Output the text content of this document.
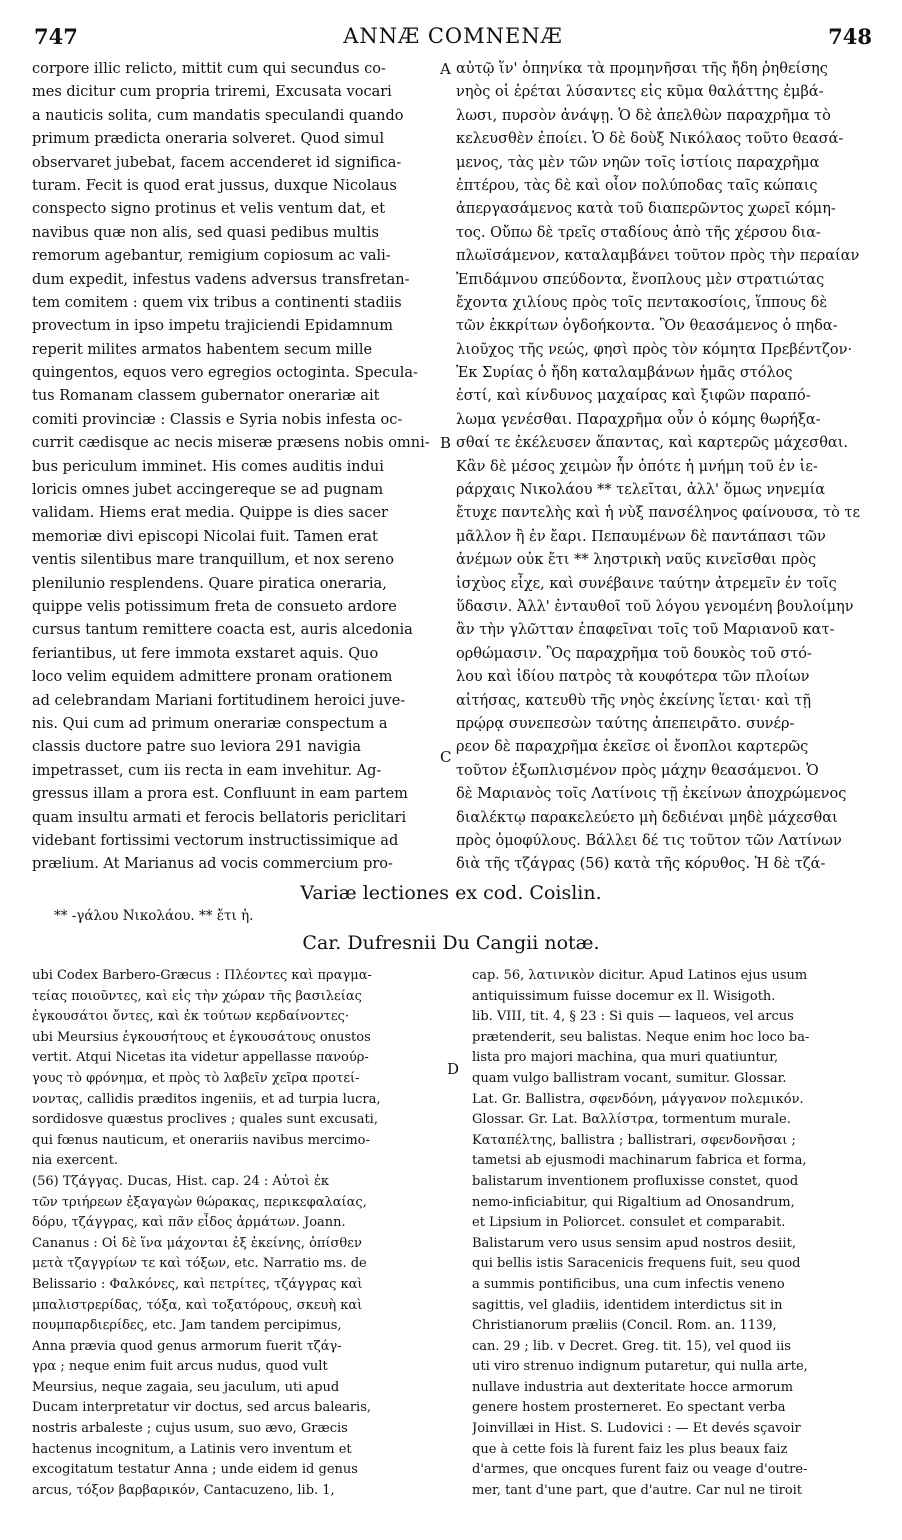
747	ANNÆ COMNENÆ	748
corpore illic relicto, mittit cum qui secundus co-
mes dicitur cum propria triremi, Excusata vocari
a nauticis solita, cum mandatis speculandi quando
primum prædicta oneraria solveret. Quod simul
observaret jubebat, facem accenderet id significa-
turam. Fecit is quod erat jussus, duxque Nicolaus
conspecto signo protinus et velis ventum dat, et
navibus quæ non alis, sed quasi pedibus multis
remorum agebantur, remigium copiosum ac vali-
dum expedit, infestus vadens adversus transfretan-
tem comitem : quem vix tribus a continenti stadiis
provectum in ipso impetu trajiciendi Epidamnum
reperit milites armatos habentem secum mille
quingentos, equos vero egregios octoginta. Specula-
tus Romanam classem gubernator onerariæ ait
comiti provinciæ : Classis e Syria nobis infesta oc-
currit cædisque ac necis miseræ præsens nobis omni-
bus periculum imminet. His comes auditis indui
loricis omnes jubet accingereque se ad pugnam
validam. Hiems erat media. Quippe is dies sacer
memoriæ divi episcopi Nicolai fuit. Tamen erat
ventis silentibus mare tranquillum, et nox sereno
plenilunio resplendens. Quare piratica oneraria,
quippe velis potissimum freta de consueto ardore
cursus tantum remittere coacta est, auris alcedonia
feriantibus, ut fere immota exstaret aquis. Quo
loco velim equidem admittere pronam orationem
ad celebrandam Mariani fortitudinem heroici juve-
nis. Qui cum ad primum onerariæ conspectum a
classis ductore patre suo leviora 291 navigia
impetrasset, cum iis recta in eam invehitur. Ag-
gressus illam a prora est. Confluunt in eam partem
quam insultu armati et ferocis bellatoris periclitari
videbant fortissimi vectorum instructissimique ad
prælium. At Marianus ad vocis commercium pro-
αὐτῷ ἵν' ὁπηνίκα τὰ προμηνῆσαι τῆς ἤδη ῥηθείσης
νηὸς οἱ ἐρέται λύσαντες εἰς κῦμα θαλάττης ἐμβά-
λωσι, πυρσὸν ἀνάψῃ. Ὁ δὲ ἀπελθὼν παραχρῆμα τὸ
κελευσθὲν ἐποίει. Ὁ δὲ δοὺξ Νικόλαος τοῦτο θεασά-
μενος, τὰς μὲν τῶν νηῶν τοῖς ἱστίοις παραχρῆμα
ἐπτέρου, τὰς δὲ καὶ οἷον πολύποδας ταῖς κώπαις
ἀπεργασάμενος κατὰ τοῦ διαπερῶντος χωρεῖ κόμη-
τος. Οὔπω δὲ τρεῖς σταδίους ἀπὸ τῆς χέρσου δια-
πλωϊσάμενον, καταλαμβάνει τοῦτον πρὸς τὴν περαίαν
Ἐπιδάμνου σπεύδοντα, ἔνοπλους μὲν στρατιώτας
ἔχοντα χιλίους πρὸς τοῖς πεντακοσίοις, ἵππους δὲ
τῶν ἐκκρίτων ὀγδοήκοντα. Ὃν θεασάμενος ὁ πηδα-
λιοῦχος τῆς νεώς, φησὶ πρὸς τὸν κόμητα Πρεβέντζον·
Ἐκ Συρίας ὁ ἤδη καταλαμβάνων ἡμᾶς στόλος
ἐστί, καὶ κίνδυνος μαχαίρας καὶ ξιφῶν παραπό-
λωμα γενέσθαι. Παραχρῆμα οὖν ὁ κόμης θωρήξα-
σθαί τε ἐκέλευσεν ἅπαντας, καὶ καρτερῶς μάχεσθαι.
Κἂν δὲ μέσος χειμὼν ἦν ὁπότε ἡ μνήμη τοῦ ἐν ἱε-
ράρχαις Νικολάου ** τελεῖται, ἀλλ' ὅμως νηνεμία
ἔτυχε παντελὴς καὶ ἡ νὺξ πανσέληνος φαίνουσα, τὸ τε
μᾶλλον ἢ ἐν ἔαρι. Πεπαυμένων δὲ παντάπασι τῶν
ἀνέμων οὐκ ἔτι ** ληστρικὴ ναῦς κινεῖσθαι πρὸς
ἰσχὺος εἶχε, καὶ συνέβαινε ταύτην ἀτρεμεῖν ἐν τοῖς
ὕδασιν. Ἀλλ' ἐνταυθοῖ τοῦ λόγου γενομένη βουλοίμην
ἂν τὴν γλῶτταν ἐπαφεῖναι τοῖς τοῦ Μαριανοῦ κατ-
ορθώμασιν. Ὃς παραχρῆμα τοῦ δουκὸς τοῦ στό-
λου καὶ ἰδίου πατρὸς τὰ κουφότερα τῶν πλοίων
αἰτήσας, κατευθὺ τῆς νηὸς ἐκείνης ἵεται· καὶ τῇ
πρῴρᾳ συνεπεσὼν ταύτης ἀπεπειρᾶτο. συνέρ-
ρεον δὲ παραχρῆμα ἐκεῖσε οἱ ἔνοπλοι καρτερῶς
τοῦτον ἐξωπλισμένον πρὸς μάχην θεασάμενοι. Ὁ
δὲ Μαριανὸς τοῖς Λατίνοις τῇ ἐκείνων ἀποχρώμενος
διαλέκτῳ παρακελεύετο μὴ δεδιέναι μηδὲ μάχεσθαι
πρὸς ὁμοφύλους. Βάλλει δέ τις τοῦτον τῶν Λατίνων
διὰ τῆς τζάγρας (56) κατὰ τῆς κόρυθος. Ἡ δὲ τζά-
A
B
C
D
Variæ lectiones ex cod. Coislin.
** -γάλου Νικολάου. ** ἔτι ἡ.
Car. Dufresnii Du Cangii notæ.
ubi Codex Barbero-Græcus : Πλέοντες καὶ πραγμα-
τείας ποιοῦντες, καὶ εἰς τὴν χώραν τῆς βασιλείας
ἐγκουσάτοι ὄντες, καὶ ἐκ τούτων κερδαίνοντες·
ubi Meursius ἐγκουσήτους et ἐγκουσάτους onustos
vertit. Atqui Nicetas ita videtur appellasse πανούρ-
γους τὸ φρόνημα, et πρὸς τὸ λαβεῖν χεῖρα προτεί-
νοντας, callidis præditos ingeniis, et ad turpia lucra,
sordidosve quæstus proclives ; quales sunt excusati,
qui fœnus nauticum, et onerariis navibus mercimo-
nia exercent.
(56) Τζάγγας. Ducas, Hist. cap. 24 : Αὐτοὶ ἐκ
τῶν τριήρεων ἐξαγαγὼν θώρακας, περικεφαλαίας,
δόρυ, τζάγγρας, καὶ πᾶν εἶδος ἁρμάτων. Joann.
Cananus : Οἱ δὲ ἵνα μάχονται ἐξ ἐκείνης, ὀπίσθεν
μετὰ τζαγγρίων τε καὶ τόξων, etc. Narratio ms. de
Belissario : Φαλκόνες, καὶ πετρίτες, τζάγγρας καὶ
μπαλιστρερίδας, τόξα, καὶ τοξατόρους, σκευὴ καὶ
πουμπαρδιερίδες, etc. Jam tandem percipimus,
Anna prævia quod genus armorum fuerit τζάγ-
γρα ; neque enim fuit arcus nudus, quod vult
Meursius, neque zagaia, seu jaculum, uti apud
Ducam interpretatur vir doctus, sed arcus balearis,
nostris arbaleste ; cujus usum, suo ævo, Græcis
hactenus incognitum, a Latinis vero inventum et
excogitatum testatur Anna ; unde eidem id genus
arcus, τόξον βαρβαρικόν, Cantacuzeno, lib. 1,
cap. 56, λατινικὸν dicitur. Apud Latinos ejus usum
antiquissimum fuisse docemur ex ll. Wisigoth.
lib. VIII, tit. 4, § 23 : Si quis — laqueos, vel arcus
prætenderit, seu balistas. Neque enim hoc loco ba-
lista pro majori machina, qua muri quatiuntur,
quam vulgo ballistram vocant, sumitur. Glossar.
Lat. Gr. Ballistra, σφενδόνη, μάγγανον πολεμικόν.
Glossar. Gr. Lat. Βαλλίστρα, tormentum murale.
Καταπέλτης, ballistra ; ballistrari, σφενδονῆσαι ;
tametsi ab ejusmodi machinarum fabrica et forma,
balistarum inventionem profluxisse constet, quod
nemo-inficiabitur, qui Rigaltium ad Onosandrum,
et Lipsium in Poliorcet. consulet et comparabit.
Balistarum vero usus sensim apud nostros desiit,
qui bellis istis Saracenicis frequens fuit, seu quod
a summis pontificibus, una cum infectis veneno
sagittis, vel gladiis, identidem interdictus sit in
Christianorum præliis (Concil. Rom. an. 1139,
can. 29 ; lib. v Decret. Greg. tit. 15), vel quod iis
uti viro strenuo indignum putaretur, qui nulla arte,
nullave industria aut dexteritate hocce armorum
genere hostem prosterneret. Eo spectant verba
Joinvillæi in Hist. S. Ludovici : — Et devés sçavoir
que à cette fois là furent faiz les plus beaux faiz
d'armes, que oncques furent faiz ou veage d'outre-
mer, tant d'une part, que d'autre. Car nul ne tiroit
